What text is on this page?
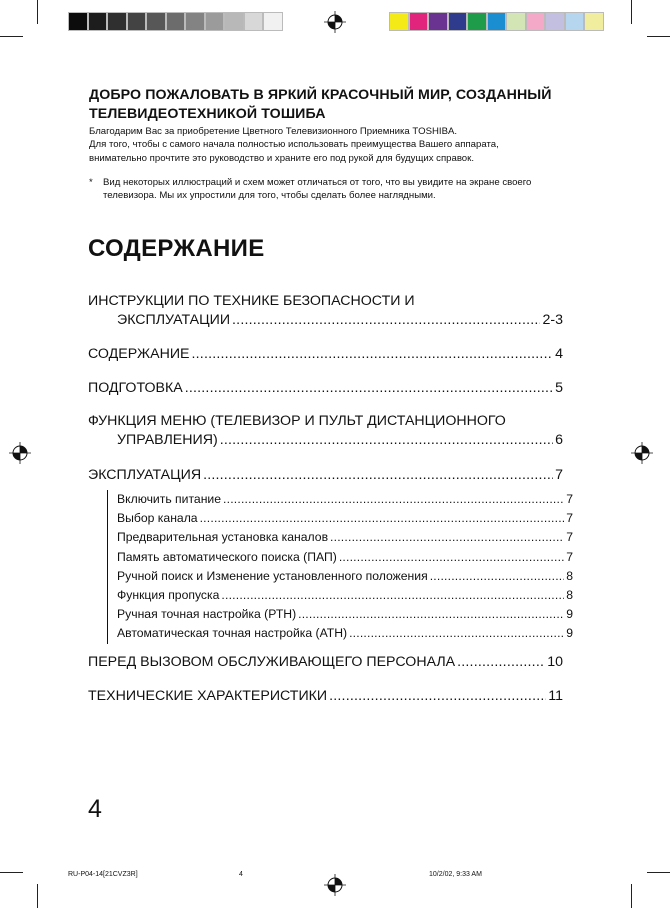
ДОБРО ПОЖАЛОВАТЬ В ЯРКИЙ КРАСОЧНЫЙ МИР, СОЗДАННЫЙ
ТЕЛЕВИДЕОТЕХНИКОЙ ТОШИБА
Благодарим Вас за приобретение Цветного Телевизионного Приемника TOSHIBA.
Для того, чтобы с самого начала полностью использовать преимущества Вашего аппарата,
внимательно прочтите это руководство и храните его под рукой для будущих справок.
*	Вид некоторых иллюстраций и схем может отличаться от того, что вы увидите на экране своего
телевизора. Мы их упростили для того, чтобы сделать более наглядными.
СОДЕРЖАНИЕ
ИНСТРУКЦИИ ПО ТЕХНИКЕ БЕЗОПАСНОСТИ И
ЭКСПЛУАТАЦИИ .....	2-3
СОДЕРЖАНИЕ .....	4
ПОДГОТОВКА .....	5
ФУНКЦИЯ МЕНЮ (ТЕЛЕВИЗОР И ПУЛЬТ ДИСТАНЦИОННОГО
УПРАВЛЕНИЯ) .....	6
ЭКСПЛУАТАЦИЯ .....	7
Включить питание .....	7
Выбор канала .....	7
Предварительная установка каналов .....	7
Память автоматического поиска (ПАП) .....	7
Ручной поиск и Изменение установленного положения .....	8
Функция пропуска .....	8
Ручная точная настройка (РТН) .....	9
Автоматическая точная настройка (АТН) .....	9
ПЕРЕД ВЫЗОВОМ ОБСЛУЖИВАЮЩЕГО ПЕРСОНАЛА .....	10
ТЕХНИЧЕСКИЕ ХАРАКТЕРИСТИКИ .....	11
4
RU-P04-14[21CVZ3R]	4	10/2/02, 9:33 AM
